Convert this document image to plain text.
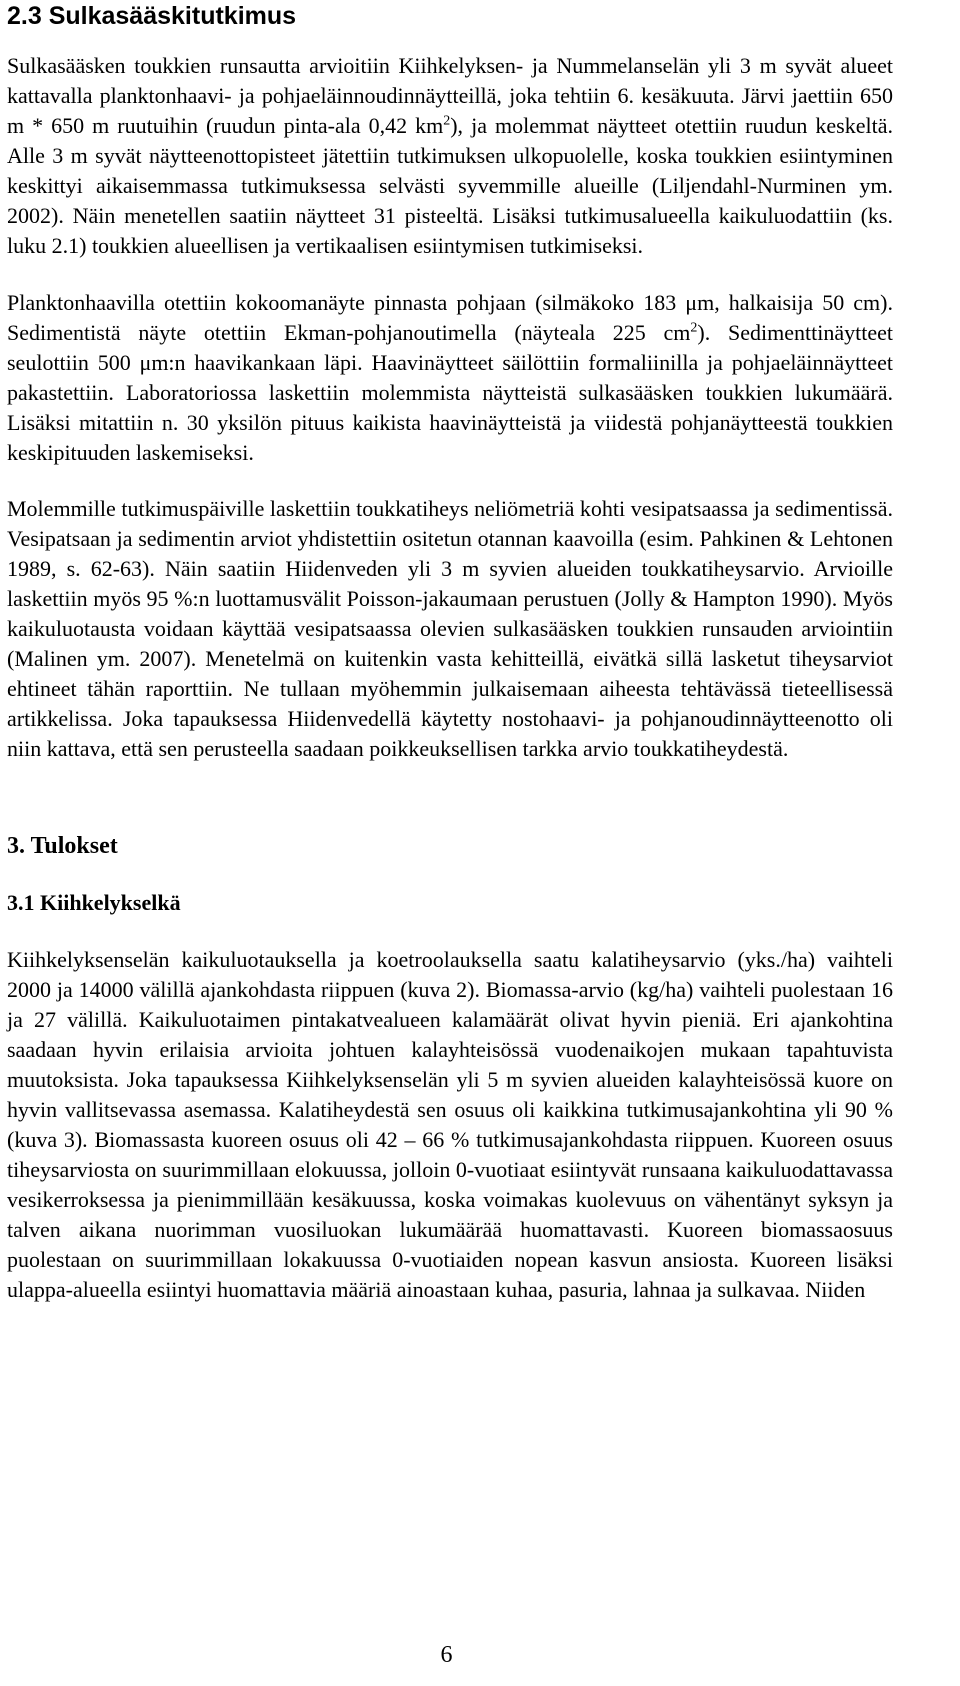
2.3 Sulkasääskitutkimus

Sulkasääsken toukkien runsautta arvioitiin Kiihkelyksen- ja Nummelanselän yli 3 m syvät alueet kattavalla planktonhaavi- ja pohjaeläinnoudinnäytteillä, joka tehtiin 6. kesäkuuta. Järvi jaettiin 650 m * 650 m ruutuihin (ruudun pinta-ala 0,42 $km^2$), ja molemmat näytteet otettiin ruudun keskeltä. Alle 3 m syvät näytteenottopisteet jätettiin tutkimuksen ulkopuolelle, koska toukkien esiintyminen keskittyi aikaisemmassa tutkimuksessa selvästi syvemmille alueille (Liljendahl-Nurminen ym. 2002). Näin menetellen saatiin näytteet 31 pisteeltä. Lisäksi tutkimusalueella kaikuluodattiin (ks. luku 2.1) toukkien alueellisen ja vertikaalisen esiintymisen tutkimiseksi.

Planktonhaavilla otettiin kokoomanäyte pinnasta pohjaan (silmäkoko 183 μm, halkaisija 50 cm). Sedimentistä näyte otettiin Ekman-pohjanoutimella (näyteala 225 $cm^2$). Sedimenttinäytteet seulottiin 500 μm:n haavikankaan läpi. Haavinäytteet säilöttiin formaliinilla ja pohjaeläinnäytteet pakastettiin. Laboratoriossa laskettiin molemmista näytteistä sulkasääsken toukkien lukumäärä. Lisäksi mitattiin n. 30 yksilön pituus kaikista haavinäytteistä ja viidestä pohjanäytteestä toukkien keskipituuden laskemiseksi.

Molemmille tutkimuspäiville laskettiin toukkatiheys neliömetriä kohti vesipatsaassa ja sedimentissä. Vesipatsaan ja sedimentin arviot yhdistettiin ositetun otannan kaavoilla (esim. Pahkinen & Lehtonen 1989, s. 62-63). Näin saatiin Hiidenveden yli 3 m syvien alueiden toukkatiheysarvio. Arvioille laskettiin myös 95 %:n luottamusvälit Poisson-jakaumaan perustuen (Jolly & Hampton 1990). Myös kaikuluotausta voidaan käyttää vesipatsaassa olevien sulkasääsken toukkien runsauden arviointiin (Malinen ym. 2007). Menetelmä on kuitenkin vasta kehitteillä, eivätkä sillä lasketut tiheysarviot ehtineet tähän raporttiin. Ne tullaan myöhemmin julkaisemaan aiheesta tehtävässä tieteellisessä artikkelissa. Joka tapauksessa Hiidenvedellä käytetty nostohaavi- ja pohjanoudinnäytteenotto oli niin kattava, että sen perusteella saadaan poikkeuksellisen tarkka arvio toukkatiheydestä.

3. Tulokset
3.1 Kiihkelykselkä

Kiihkelyksenselän kaikuluotauksella ja koetroolauksella saatu kalatiheysarvio (yks./ha) vaihteli 2000 ja 14000 välillä ajankohdasta riippuen (kuva 2). Biomassa-arvio (kg/ha) vaihteli puolestaan 16 ja 27 välillä. Kaikuluotaimen pintakatvealueen kalamäärät olivat hyvin pieniä. Eri ajankohtina saadaan hyvin erilaisia arvioita johtuen kalayhteisössä vuodenaikojen mukaan tapahtuvista muutoksista. Joka tapauksessa Kiihkelyksenselän yli 5 m syvien alueiden kalayhteisössä kuore on hyvin vallitsevassa asemassa. Kalatiheydestä sen osuus oli kaikkina tutkimusajankohtina yli 90 % (kuva 3). Biomassasta kuoreen osuus oli 42 – 66 % tutkimusajankohdasta riippuen. Kuoreen osuus tiheysarviosta on suurimmillaan elokuussa, jolloin 0-vuotiaat esiintyvät runsaana kaikuluodattavassa vesikerroksessa ja pienimmillään kesäkuussa, koska voimakas kuolevuus on vähentänyt syksyn ja talven aikana nuorimman vuosiluokan lukumäärää huomattavasti. Kuoreen biomassaosuus puolestaan on suurimmillaan lokakuussa 0-vuotiaiden nopean kasvun ansiosta. Kuoreen lisäksi ulappa-alueella esiintyi huomattavia määriä ainoastaan kuhaa, pasuria, lahnaa ja sulkavaa. Niiden

6
